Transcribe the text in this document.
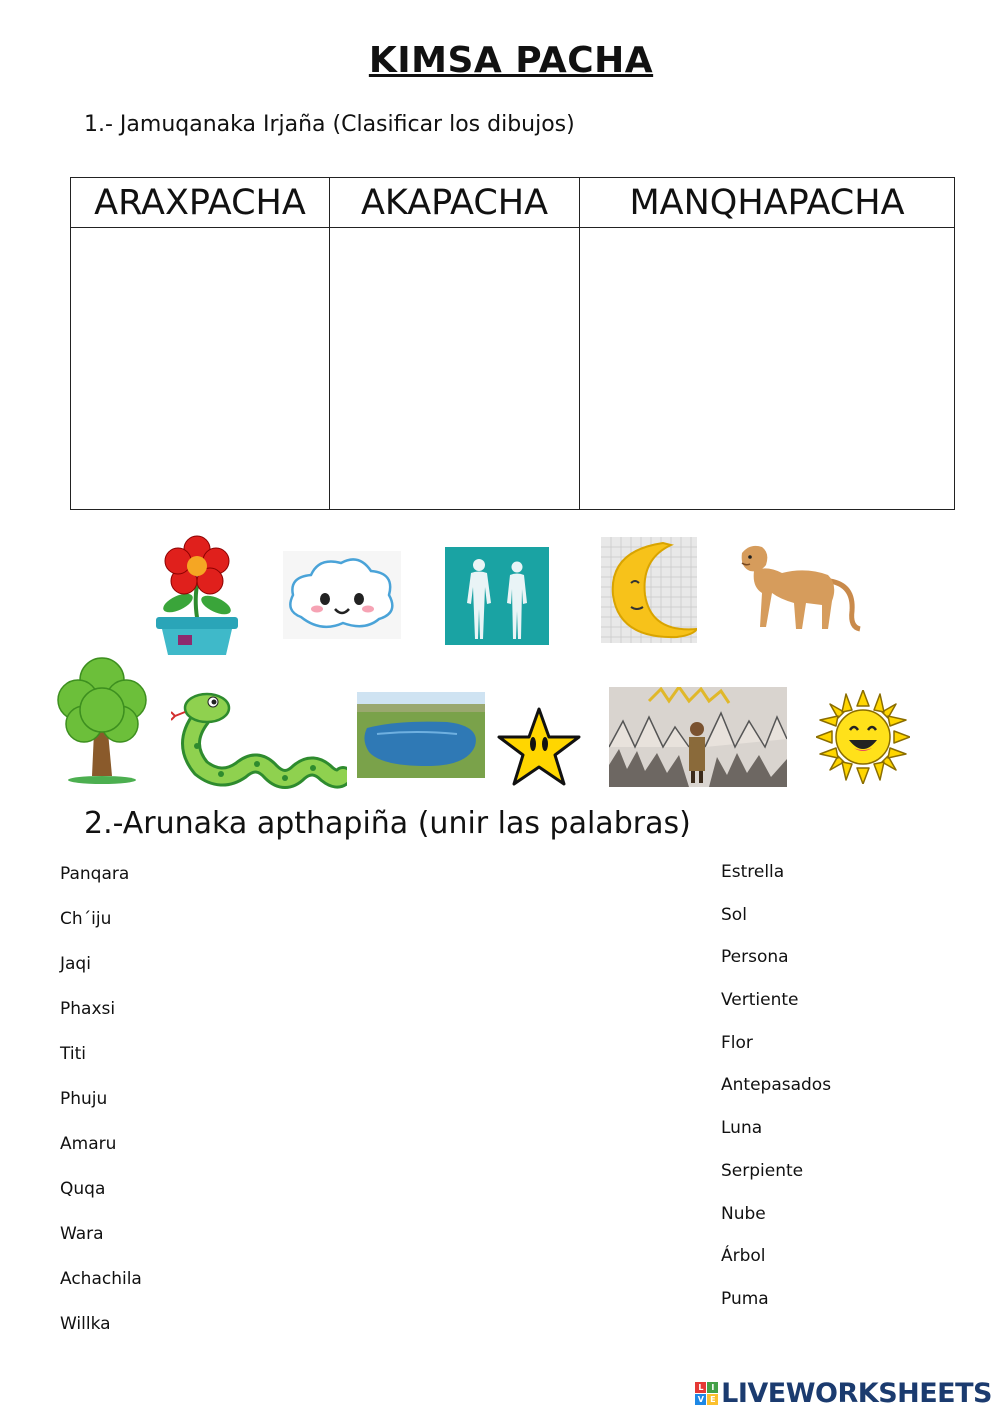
KIMSA PACHA
1.- Jamuqanaka Irjaña (Clasificar los dibujos)
ARAXPACHA	AKAPACHA	MANQHAPACHA

2.-Arunaka apthapiña (unir las palabras)
Panqara
Ch´iju
Jaqi
Phaxsi
Titi
Phuju
Amaru
Quqa
Wara
Achachila
Willka
Estrella
Sol
Persona
Vertiente
Flor
Antepasados
Luna
Serpiente
Nube
Árbol
Puma
L	I
V E LIVEWORKSHEETS
